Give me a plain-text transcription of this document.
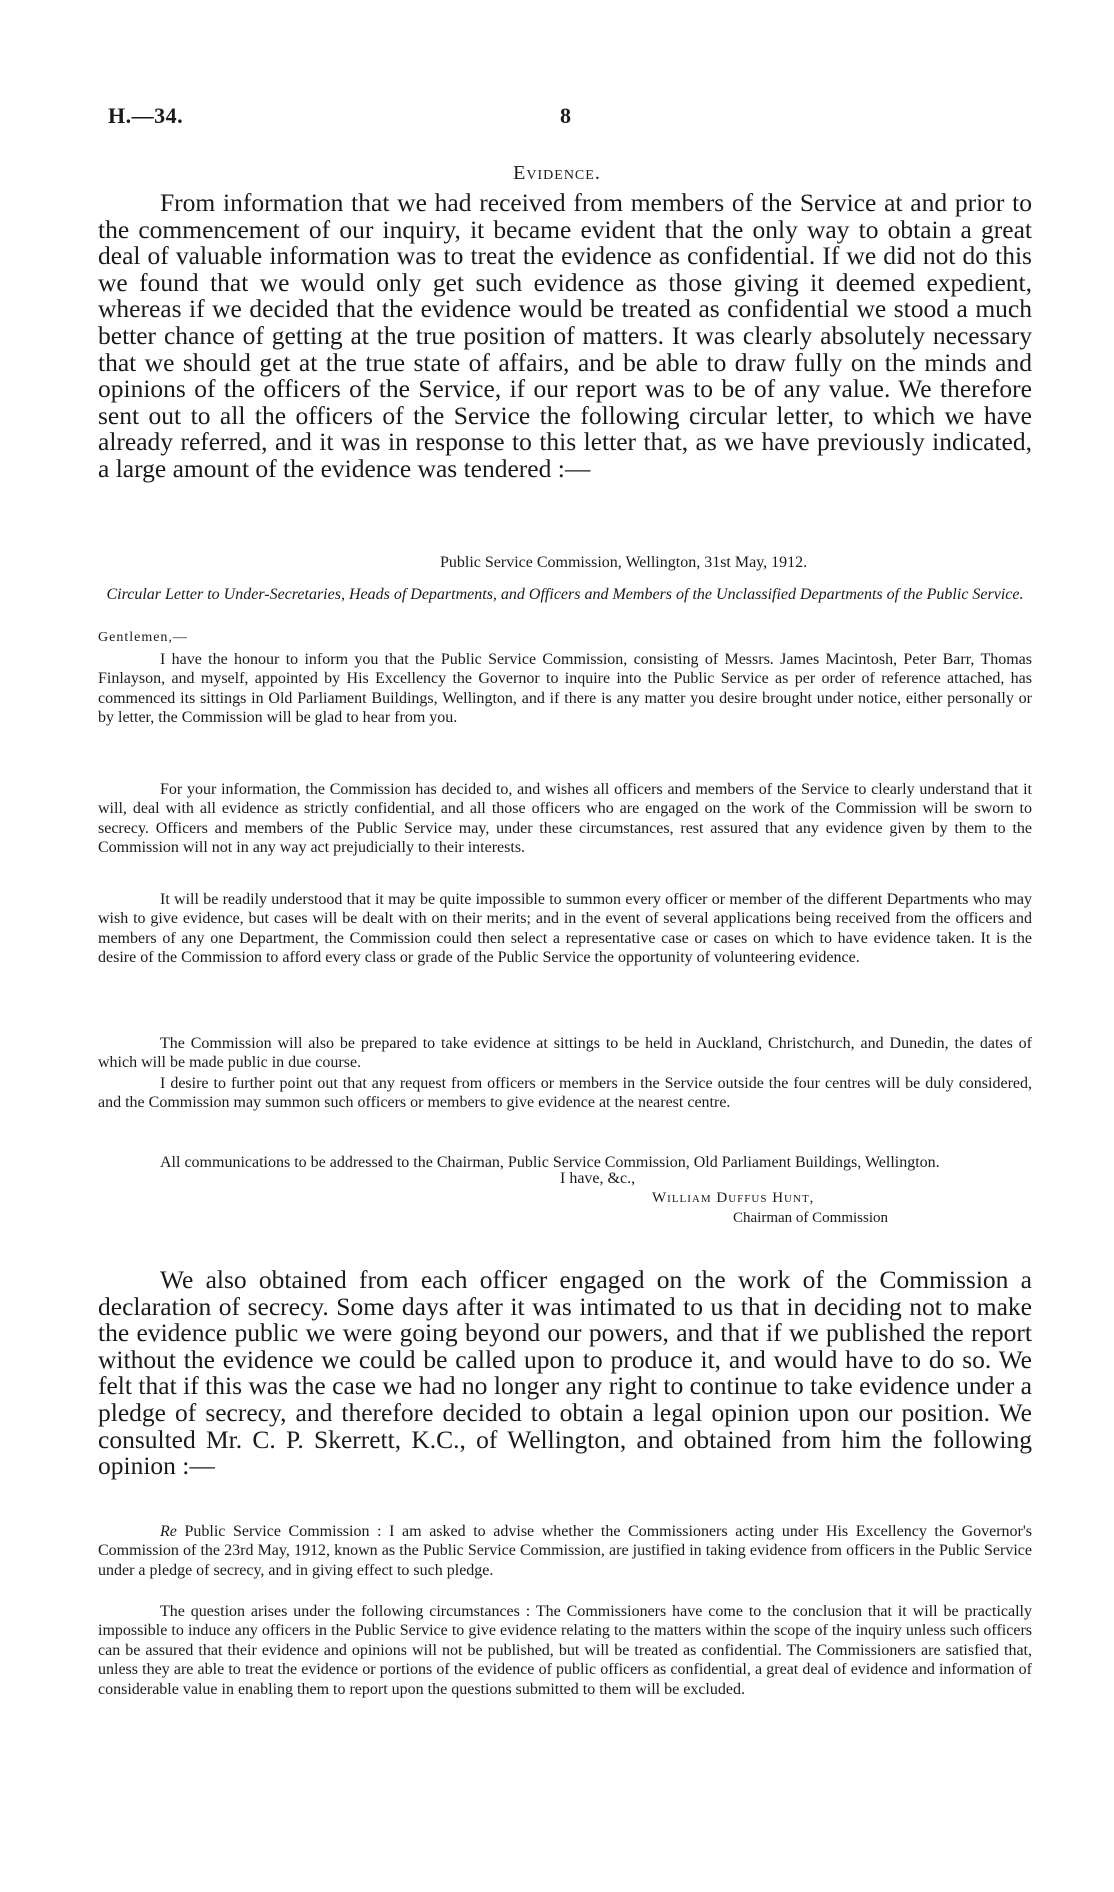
H.—34.	8
Evidence.
From information that we had received from members of the Service at and prior to the commencement of our inquiry, it became evident that the only way to obtain a great deal of valuable information was to treat the evidence as confidential. If we did not do this we found that we would only get such evidence as those giving it deemed expedient, whereas if we decided that the evidence would be treated as confidential we stood a much better chance of getting at the true position of matters. It was clearly absolutely necessary that we should get at the true state of affairs, and be able to draw fully on the minds and opinions of the officers of the Service, if our report was to be of any value. We therefore sent out to all the officers of the Service the following circular letter, to which we have already referred, and it was in response to this letter that, as we have previously indicated, a large amount of the evidence was tendered :—
Public Service Commission, Wellington, 31st May, 1912.
Circular Letter to Under-Secretaries, Heads of Departments, and Officers and Members of the Unclassified Departments of the Public Service.
Gentlemen,—

I have the honour to inform you that the Public Service Commission, consisting of Messrs. James Macintosh, Peter Barr, Thomas Finlayson, and myself, appointed by His Excellency the Governor to inquire into the Public Service as per order of reference attached, has commenced its sittings in Old Parliament Buildings, Wellington, and if there is any matter you desire brought under notice, either personally or by letter, the Commission will be glad to hear from you.

For your information, the Commission has decided to, and wishes all officers and members of the Service to clearly understand that it will, deal with all evidence as strictly confidential, and all those officers who are engaged on the work of the Commission will be sworn to secrecy. Officers and members of the Public Service may, under these circumstances, rest assured that any evidence given by them to the Commission will not in any way act prejudicially to their interests.

It will be readily understood that it may be quite impossible to summon every officer or member of the different Departments who may wish to give evidence, but cases will be dealt with on their merits; and in the event of several applications being received from the officers and members of any one Department, the Commission could then select a representative case or cases on which to have evidence taken. It is the desire of the Commission to afford every class or grade of the Public Service the opportunity of volunteering evidence.

The Commission will also be prepared to take evidence at sittings to be held in Auckland, Christchurch, and Dunedin, the dates of which will be made public in due course.

I desire to further point out that any request from officers or members in the Service outside the four centres will be duly considered, and the Commission may summon such officers or members to give evidence at the nearest centre.

All communications to be addressed to the Chairman, Public Service Commission, Old Parliament Buildings, Wellington.

I have, &c.,
William Duffus Hunt,
Chairman of Commission
We also obtained from each officer engaged on the work of the Commission a declaration of secrecy. Some days after it was intimated to us that in deciding not to make the evidence public we were going beyond our powers, and that if we published the report without the evidence we could be called upon to produce it, and would have to do so. We felt that if this was the case we had no longer any right to continue to take evidence under a pledge of secrecy, and therefore decided to obtain a legal opinion upon our position. We consulted Mr. C. P. Skerrett, K.C., of Wellington, and obtained from him the following opinion :—

Re Public Service Commission : I am asked to advise whether the Commissioners acting under His Excellency the Governor's Commission of the 23rd May, 1912, known as the Public Service Commission, are justified in taking evidence from officers in the Public Service under a pledge of secrecy, and in giving effect to such pledge.

The question arises under the following circumstances : The Commissioners have come to the conclusion that it will be practically impossible to induce any officers in the Public Service to give evidence relating to the matters within the scope of the inquiry unless such officers can be assured that their evidence and opinions will not be published, but will be treated as confidential. The Commissioners are satisfied that, unless they are able to treat the evidence or portions of the evidence of public officers as confidential, a great deal of evidence and information of considerable value in enabling them to report upon the questions submitted to them will be excluded.
